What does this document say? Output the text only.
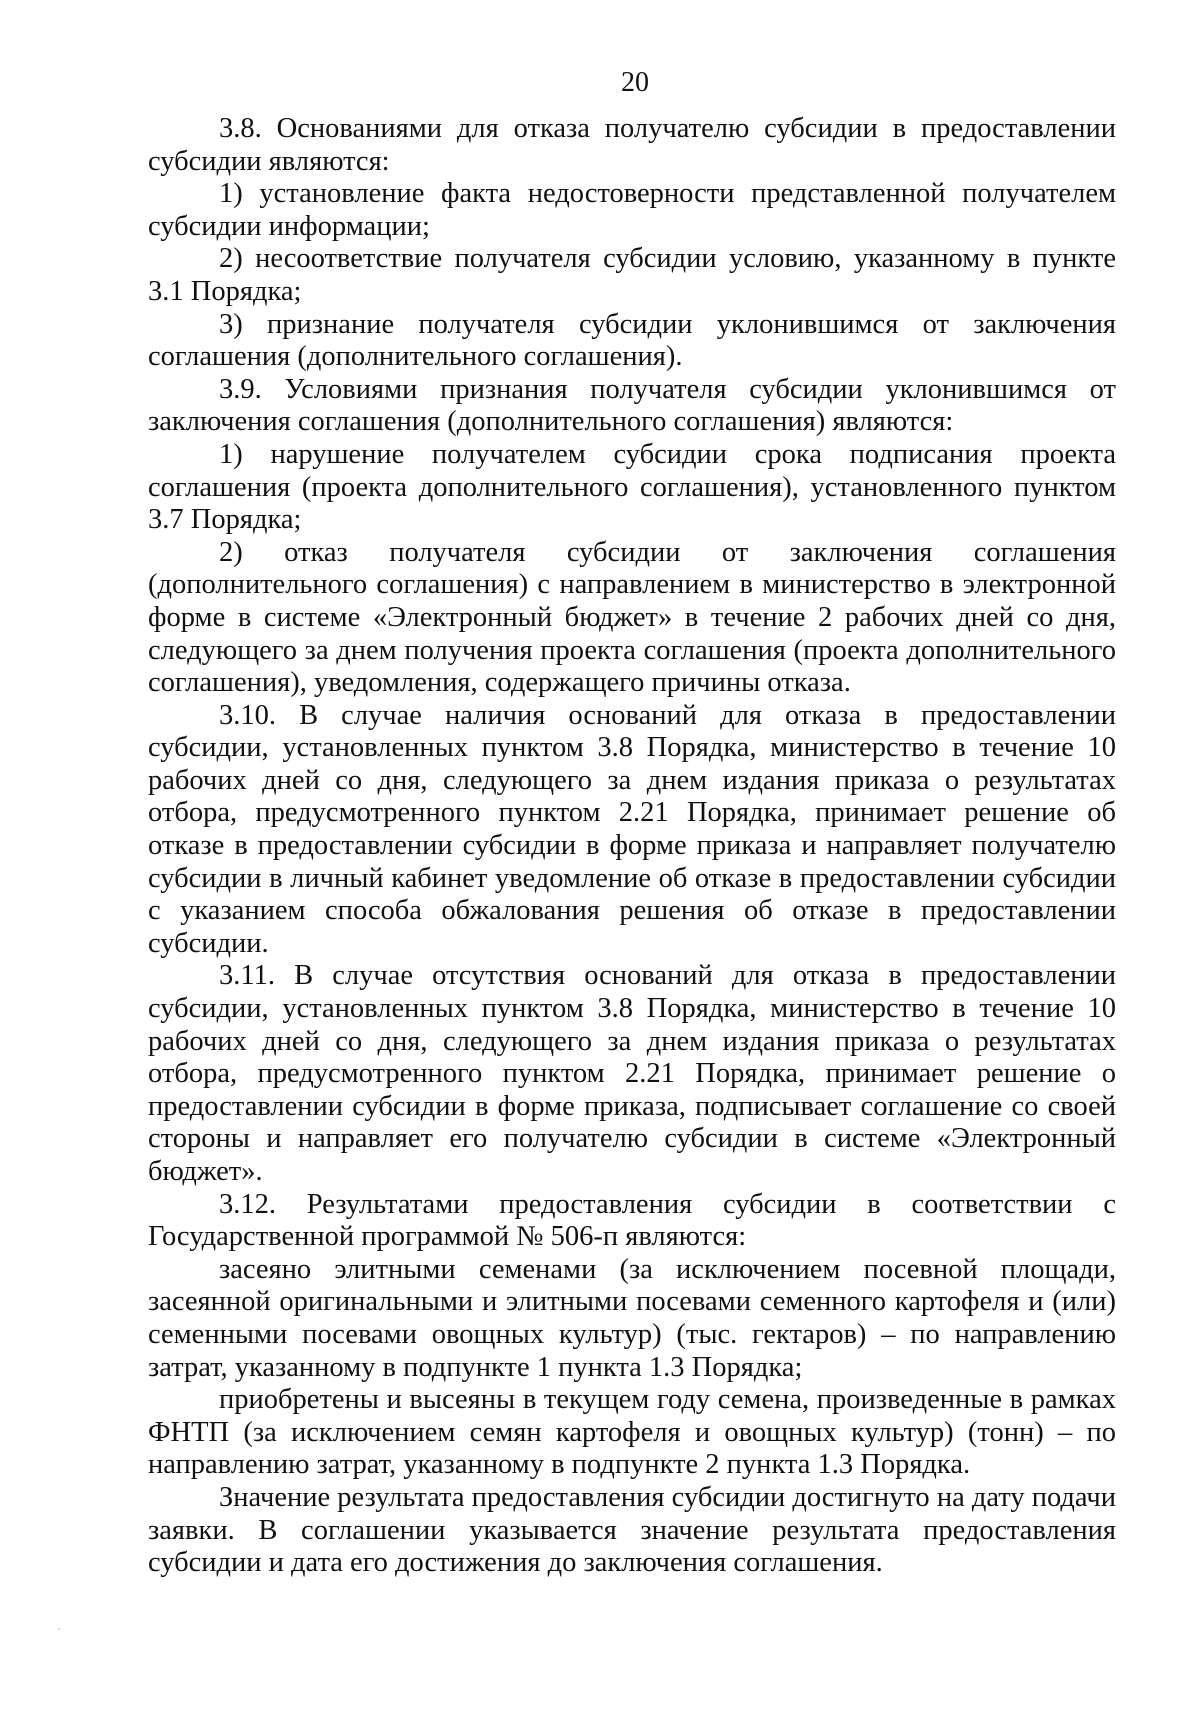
20

3.8. Основаниями для отказа получателю субсидии в предоставлении субсидии являются:

1) установление факта недостоверности представленной получателем субсидии информации;

2) несоответствие получателя субсидии условию, указанному в пункте 3.1 Порядка;

3) признание получателя субсидии уклонившимся от заключения соглашения (дополнительного соглашения).

3.9. Условиями признания получателя субсидии уклонившимся от заключения соглашения (дополнительного соглашения) являются:

1) нарушение получателем субсидии срока подписания проекта соглашения (проекта дополнительного соглашения), установленного пунктом 3.7 Порядка;

2) отказ получателя субсидии от заключения соглашения (дополнительного соглашения) с направлением в министерство в электронной форме в системе «Электронный бюджет» в течение 2 рабочих дней со дня, следующего за днем получения проекта соглашения (проекта дополнительного соглашения), уведомления, содержащего причины отказа.

3.10. В случае наличия оснований для отказа в предоставлении субсидии, установленных пунктом 3.8 Порядка, министерство в течение 10 рабочих дней со дня, следующего за днем издания приказа о результатах отбора, предусмотренного пунктом 2.21 Порядка, принимает решение об отказе в предоставлении субсидии в форме приказа и направляет получателю субсидии в личный кабинет уведомление об отказе в предоставлении субсидии с указанием способа обжалования решения об отказе в предоставлении субсидии.

3.11. В случае отсутствия оснований для отказа в предоставлении субсидии, установленных пунктом 3.8 Порядка, министерство в течение 10 рабочих дней со дня, следующего за днем издания приказа о результатах отбора, предусмотренного пунктом 2.21 Порядка, принимает решение о предоставлении субсидии в форме приказа, подписывает соглашение со своей стороны и направляет его получателю субсидии в системе «Электронный бюджет».

3.12. Результатами предоставления субсидии в соответствии с Государственной программой № 506-п являются:

засеяно элитными семенами (за исключением посевной площади, засеянной оригинальными и элитными посевами семенного картофеля и (или) семенными посевами овощных культур) (тыс. гектаров) – по направлению затрат, указанному в подпункте 1 пункта 1.3 Порядка;

приобретены и высеяны в текущем году семена, произведенные в рамках ФНТП (за исключением семян картофеля и овощных культур) (тонн) – по направлению затрат, указанному в подпункте 2 пункта 1.3 Порядка.

Значение результата предоставления субсидии достигнуто на дату подачи заявки. В соглашении указывается значение результата предоставления субсидии и дата его достижения до заключения соглашения.
